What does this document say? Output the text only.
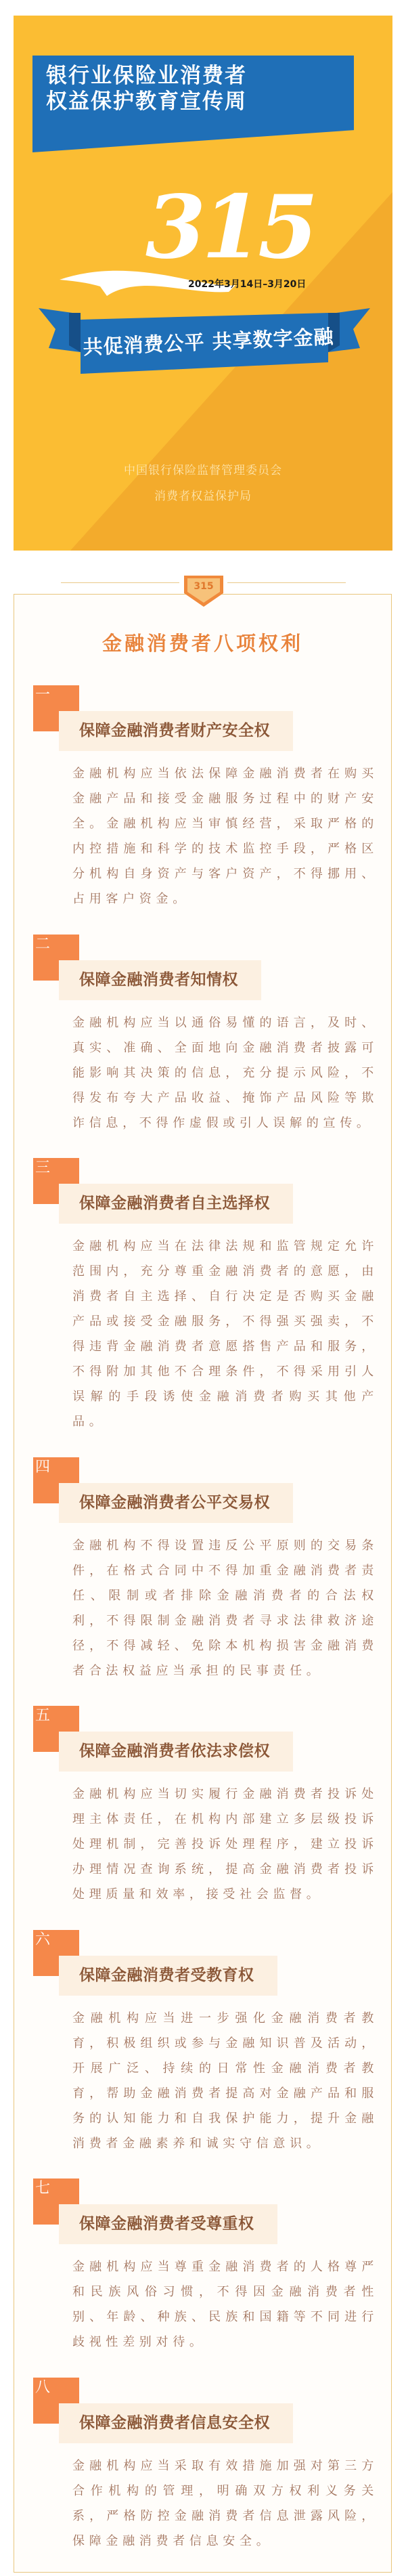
银行业保险业消费者
权益保护教育宣传周
315
2022年3月14日–3月20日
共促消费公平 共享数字金融
中国银行保险监督管理委员会
消费者权益保护局
金融消费者八项权利
一
保障金融消费者财产安全权
金融机构应当依法保障金融消费者在购买金融产品和接受金融服务过程中的财产安全。金融机构应当审慎经营，采取严格的内控措施和科学的技术监控手段，严格区分机构自身资产与客户资产，不得挪用、占用客户资金。
二
保障金融消费者知情权
金融机构应当以通俗易懂的语言，及时、真实、准确、全面地向金融消费者披露可能影响其决策的信息，充分提示风险，不得发布夸大产品收益、掩饰产品风险等欺诈信息，不得作虚假或引人误解的宣传。
三
保障金融消费者自主选择权
金融机构应当在法律法规和监管规定允许范围内，充分尊重金融消费者的意愿，由消费者自主选择、自行决定是否购买金融产品或接受金融服务，不得强买强卖，不得违背金融消费者意愿搭售产品和服务，不得附加其他不合理条件，不得采用引人误解的手段诱使金融消费者购买其他产品。
四
保障金融消费者公平交易权
金融机构不得设置违反公平原则的交易条件，在格式合同中不得加重金融消费者责任、限制或者排除金融消费者的合法权利，不得限制金融消费者寻求法律救济途径，不得减轻、免除本机构损害金融消费者合法权益应当承担的民事责任。
五
保障金融消费者依法求偿权
金融机构应当切实履行金融消费者投诉处理主体责任，在机构内部建立多层级投诉处理机制，完善投诉处理程序，建立投诉办理情况查询系统，提高金融消费者投诉处理质量和效率，接受社会监督。
六
保障金融消费者受教育权
金融机构应当进一步强化金融消费者教育，积极组织或参与金融知识普及活动，开展广泛、持续的日常性金融消费者教育，帮助金融消费者提高对金融产品和服务的认知能力和自我保护能力，提升金融消费者金融素养和诚实守信意识。
七
保障金融消费者受尊重权
金融机构应当尊重金融消费者的人格尊严和民族风俗习惯，不得因金融消费者性别、年龄、种族、民族和国籍等不同进行歧视性差别对待。
八
保障金融消费者信息安全权
金融机构应当采取有效措施加强对第三方合作机构的管理，明确双方权利义务关系，严格防控金融消费者信息泄露风险，保障金融消费者信息安全。
315
